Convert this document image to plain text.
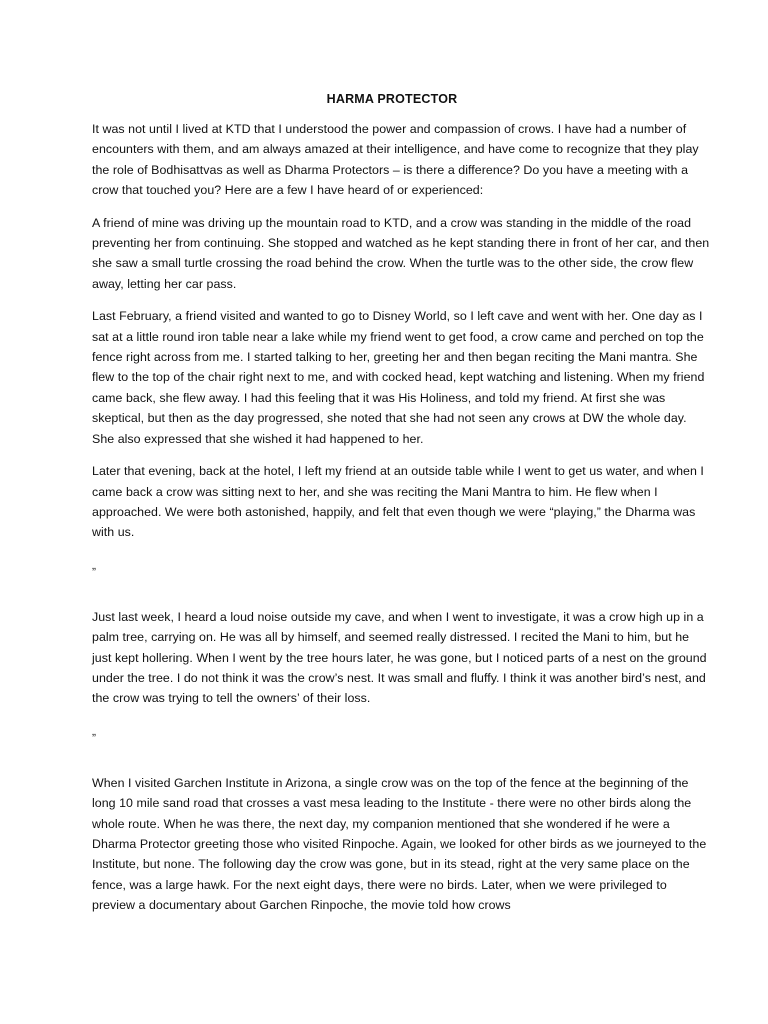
HARMA PROTECTOR

It was not until I lived at KTD that I understood the power and compassion of crows. I have had a number of encounters with them, and am always amazed at their intelligence, and have come to recognize that they play the role of Bodhisattvas as well as Dharma Protectors – is there a difference? Do you have a meeting with a crow that touched you? Here are a few I have heard of or experienced:

A friend of mine was driving up the mountain road to KTD, and a crow was standing in the middle of the road preventing her from continuing. She stopped and watched as he kept standing there in front of her car, and then she saw a small turtle crossing the road behind the crow. When the turtle was to the other side, the crow flew away, letting her car pass.

Last February, a friend visited and wanted to go to Disney World, so I left cave and went with her. One day as I sat at a little round iron table near a lake while my friend went to get food, a crow came and perched on top the fence right across from me. I started talking to her, greeting her and then began reciting the Mani mantra. She flew to the top of the chair right next to me, and with cocked head, kept watching and listening. When my friend came back, she flew away. I had this feeling that it was His Holiness, and told my friend. At first she was skeptical, but then as the day progressed, she noted that she had not seen any crows at DW the whole day. She also expressed that she wished it had happened to her.

Later that evening, back at the hotel, I left my friend at an outside table while I went to get us water, and when I came back a crow was sitting next to her, and she was reciting the Mani Mantra to him. He flew when I approached. We were both astonished, happily, and felt that even though we were “playing,” the Dharma was with us.

„

Just last week, I heard a loud noise outside my cave, and when I went to investigate, it was a crow high up in a palm tree, carrying on. He was all by himself, and seemed really distressed. I recited the Mani to him, but he just kept hollering. When I went by the tree hours later, he was gone, but I noticed parts of a nest on the ground under the tree. I do not think it was the crow’s nest. It was small and fluffy. I think it was another bird’s nest, and the crow was trying to tell the owners’ of their loss.

„

When I visited Garchen Institute in Arizona, a single crow was on the top of the fence at the beginning of the long 10 mile sand road that crosses a vast mesa leading to the Institute - there were no other birds along the whole route. When he was there, the next day, my companion mentioned that she wondered if he were a Dharma Protector greeting those who visited Rinpoche. Again, we looked for other birds as we journeyed to the Institute, but none. The following day the crow was gone, but in its stead, right at the very same place on the fence, was a large hawk. For the next eight days, there were no birds. Later, when we were privileged to preview a documentary about Garchen Rinpoche, the movie told how crows
